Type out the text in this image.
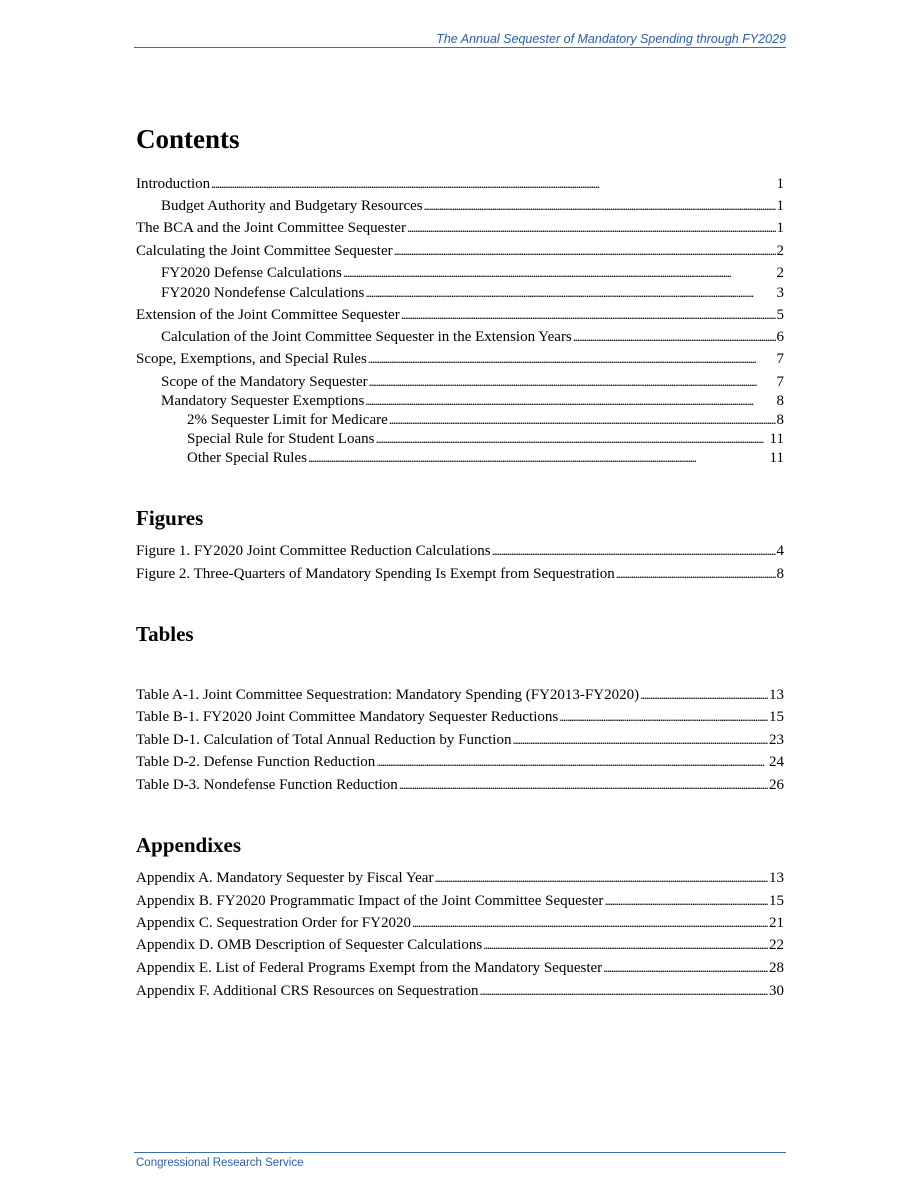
The Annual Sequester of Mandatory Spending through FY2029
Contents
Introduction . . .	1
Budget Authority and Budgetary Resources . . .	1
The BCA and the Joint Committee Sequester . . .	1
Calculating the Joint Committee Sequester . . .	2
FY2020 Defense Calculations . . .	2
FY2020 Nondefense Calculations . . .	3
Extension of the Joint Committee Sequester . . .	5
Calculation of the Joint Committee Sequester in the Extension Years . . .	6
Scope, Exemptions, and Special Rules . . .	7
Scope of the Mandatory Sequester . . .	7
Mandatory Sequester Exemptions . . .	8
2% Sequester Limit for Medicare . . .	8
Special Rule for Student Loans . . .	11
Other Special Rules . . .	11
Figures
Figure 1. FY2020 Joint Committee Reduction Calculations . . .	4
Figure 2. Three-Quarters of Mandatory Spending Is Exempt from Sequestration . . .	8
Tables
Table A-1. Joint Committee Sequestration: Mandatory Spending (FY2013-FY2020) . . .	13
Table B-1. FY2020 Joint Committee Mandatory Sequester Reductions . . .	15
Table D-1. Calculation of Total Annual Reduction by Function . . .	23
Table D-2. Defense Function Reduction . . .	24
Table D-3. Nondefense Function Reduction . . .	26
Appendixes
Appendix A. Mandatory Sequester by Fiscal Year . . .	13
Appendix B. FY2020 Programmatic Impact of the Joint Committee Sequester . . .	15
Appendix C. Sequestration Order for FY2020 . . .	21
Appendix D. OMB Description of Sequester Calculations . . .	22
Appendix E. List of Federal Programs Exempt from the Mandatory Sequester . . .	28
Appendix F. Additional CRS Resources on Sequestration . . .	30
Congressional Research Service
